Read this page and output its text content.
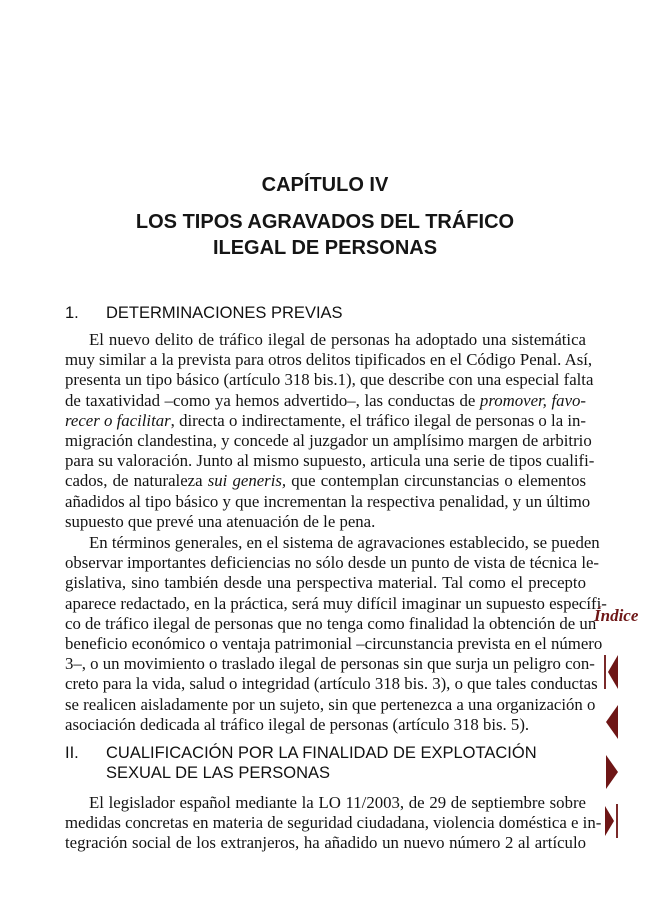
CAPÍTULO IV
LOS TIPOS AGRAVADOS DEL TRÁFICO
ILEGAL DE PERSONAS
1.	DETERMINACIONES PREVIAS
El nuevo delito de tráfico ilegal de personas ha adoptado una sistemática
muy similar a la prevista para otros delitos tipificados en el Código Penal. Así,
presenta un tipo básico (artículo 318 bis.1), que describe con una especial falta
de taxatividad –como ya hemos advertido–, las conductas de promover, favo-
recer o facilitar, directa o indirectamente, el tráfico ilegal de personas o la in-
migración clandestina, y concede al juzgador un amplísimo margen de arbitrio
para su valoración. Junto al mismo supuesto, articula una serie de tipos cualifi-
cados, de naturaleza sui generis, que contemplan circunstancias o elementos
añadidos al tipo básico y que incrementan la respectiva penalidad, y un último
supuesto que prevé una atenuación de le pena.
En términos generales, en el sistema de agravaciones establecido, se pueden
observar importantes deficiencias no sólo desde un punto de vista de técnica le-
gislativa, sino también desde una perspectiva material. Tal como el precepto
aparece redactado, en la práctica, será muy difícil imaginar un supuesto específi-
co de tráfico ilegal de personas que no tenga como finalidad la obtención de un
beneficio económico o ventaja patrimonial –circunstancia prevista en el número
3–, o un movimiento o traslado ilegal de personas sin que surja un peligro con-
creto para la vida, salud o integridad (artículo 318 bis. 3), o que tales conductas
se realicen aisladamente por un sujeto, sin que pertenezca a una organización o
asociación dedicada al tráfico ilegal de personas (artículo 318 bis. 5).
II.	CUALIFICACIÓN POR LA FINALIDAD DE EXPLOTACIÓN
SEXUAL DE LAS PERSONAS
El legislador español mediante la LO 11/2003, de 29 de septiembre sobre
medidas concretas en materia de seguridad ciudadana, violencia doméstica e in-
tegración social de los extranjeros, ha añadido un nuevo número 2 al artículo
Índice
